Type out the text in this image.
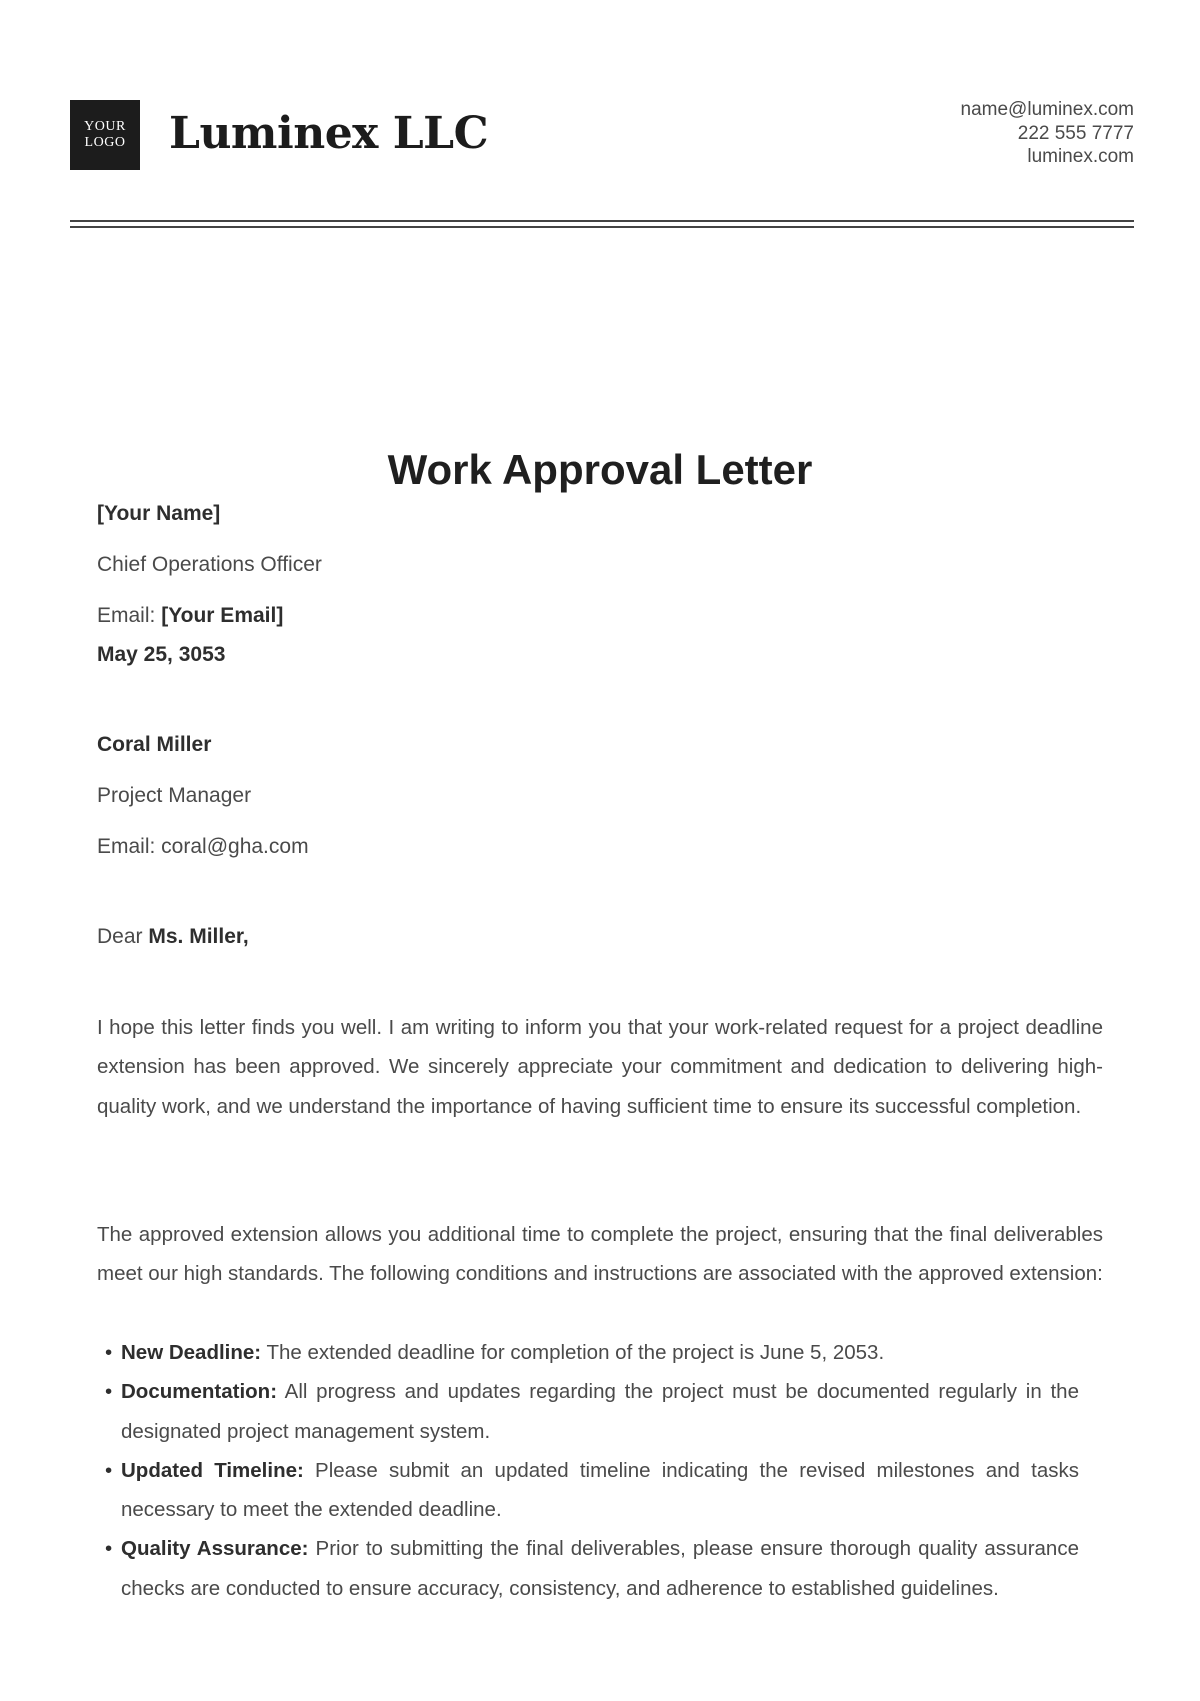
YOUR
LOGO Luminex LLC	name@luminex.com
222 555 7777
luminex.com
Work Approval Letter
[Your Name]
Chief Operations Officer
Email: [Your Email]
May 25, 3053
Coral Miller
Project Manager
Email: coral@gha.com
Dear Ms. Miller,
I hope this letter finds you well. I am writing to inform you that your work-related request for a project deadline extension has been approved. We sincerely appreciate your commitment and dedication to delivering high-quality work, and we understand the importance of having sufficient time to ensure its successful completion.
The approved extension allows you additional time to complete the project, ensuring that the final deliverables meet our high standards. The following conditions and instructions are associated with the approved extension:
• New Deadline: The extended deadline for completion of the project is June 5, 2053.
• Documentation: All progress and updates regarding the project must be documented regularly in the designated project management system.
• Updated Timeline: Please submit an updated timeline indicating the revised milestones and tasks necessary to meet the extended deadline.
• Quality Assurance: Prior to submitting the final deliverables, please ensure thorough quality assurance checks are conducted to ensure accuracy, consistency, and adherence to established guidelines.
